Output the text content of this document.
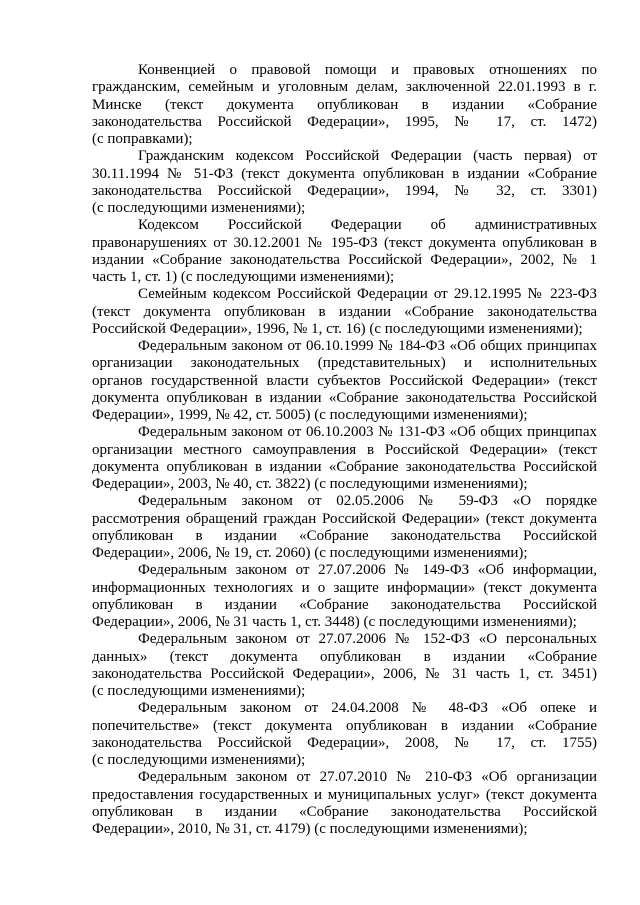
Конвенцией о правовой помощи и правовых отношениях по
гражданским, семейным и уголовным делам, заключенной 22.01.1993 в г.
Минске (текст документа опубликован в издании «Собрание
законодательства Российской Федерации», 1995, № 17, ст. 1472)
(с поправками);
Гражданским кодексом Российской Федерации (часть первая) от
30.11.1994 № 51-ФЗ (текст документа опубликован в издании «Собрание
законодательства Российской Федерации», 1994, № 32, ст. 3301)
(с последующими изменениями);
Кодексом Российской Федерации об административных
правонарушениях от 30.12.2001 № 195-ФЗ (текст документа опубликован в
издании «Собрание законодательства Российской Федерации», 2002, № 1
часть 1, ст. 1) (с последующими изменениями);
Семейным кодексом Российской Федерации от 29.12.1995 № 223-ФЗ
(текст документа опубликован в издании «Собрание законодательства
Российской Федерации», 1996, № 1, ст. 16) (с последующими изменениями);
Федеральным законом от 06.10.1999 № 184-ФЗ «Об общих принципах
организации законодательных (представительных) и исполнительных
органов государственной власти субъектов Российской Федерации» (текст
документа опубликован в издании «Собрание законодательства Российской
Федерации», 1999, № 42, ст. 5005) (с последующими изменениями);
Федеральным законом от 06.10.2003 № 131-ФЗ «Об общих принципах
организации местного самоуправления в Российской Федерации» (текст
документа опубликован в издании «Собрание законодательства Российской
Федерации», 2003, № 40, ст. 3822) (с последующими изменениями);
Федеральным законом от 02.05.2006 № 59-ФЗ «О порядке
рассмотрения обращений граждан Российской Федерации» (текст документа
опубликован в издании «Собрание законодательства Российской
Федерации», 2006, № 19, ст. 2060) (с последующими изменениями);
Федеральным законом от 27.07.2006 № 149-ФЗ «Об информации,
информационных технологиях и о защите информации» (текст документа
опубликован в издании «Собрание законодательства Российской
Федерации», 2006, № 31 часть 1, ст. 3448) (с последующими изменениями);
Федеральным законом от 27.07.2006 № 152-ФЗ «О персональных
данных» (текст документа опубликован в издании «Собрание
законодательства Российской Федерации», 2006, № 31 часть 1, ст. 3451)
(с последующими изменениями);
Федеральным законом от 24.04.2008 № 48-ФЗ «Об опеке и
попечительстве» (текст документа опубликован в издании «Собрание
законодательства Российской Федерации», 2008, № 17, ст. 1755)
(с последующими изменениями);
Федеральным законом от 27.07.2010 № 210-ФЗ «Об организации
предоставления государственных и муниципальных услуг» (текст документа
опубликован в издании «Собрание законодательства Российской
Федерации», 2010, № 31, ст. 4179) (с последующими изменениями);
